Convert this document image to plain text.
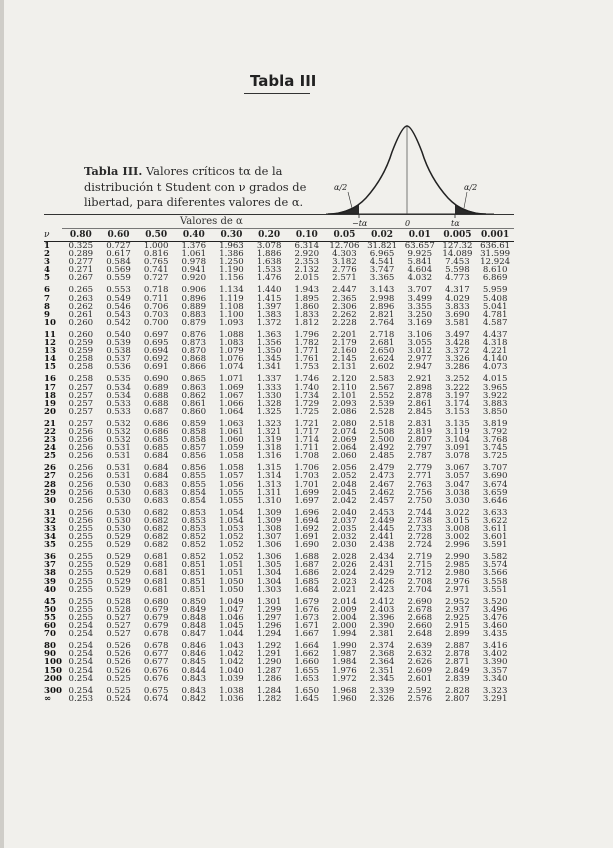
Tabla III

Tabla III. Valores críticos tα de la distribución t Student con ν grados de libertad, para diferentes valores de α.

α/2	α/2
−tα	0	tα
Valores de α
ν	0.80	0.60	0.50	0.40	0.30	0.20	0.10	0.05	0.02	0.01	0.005	0.001
1	0.325	0.727	1.000	1.376	1.963	3.078	6.314	12.706	31.821	63.657	127.32	636.61
2	0.289	0.617	0.816	1.061	1.386	1.886	2.920	4.303	6.965	9.925	14.089	31.599
3	0.277	0.584	0.765	0.978	1.250	1.638	2.353	3.182	4.541	5.841	7.453	12.924
4	0.271	0.569	0.741	0.941	1.190	1.533	2.132	2.776	3.747	4.604	5.598	8.610
5	0.267	0.559	0.727	0.920	1.156	1.476	2.015	2.571	3.365	4.032	4.773	6.869
6	0.265	0.553	0.718	0.906	1.134	1.440	1.943	2.447	3.143	3.707	4.317	5.959
7	0.263	0.549	0.711	0.896	1.119	1.415	1.895	2.365	2.998	3.499	4.029	5.408
8	0.262	0.546	0.706	0.889	1.108	1.397	1.860	2.306	2.896	3.355	3.833	5.041
9	0.261	0.543	0.703	0.883	1.100	1.383	1.833	2.262	2.821	3.250	3.690	4.781
10	0.260	0.542	0.700	0.879	1.093	1.372	1.812	2.228	2.764	3.169	3.581	4.587
11	0.260	0.540	0.697	0.876	1.088	1.363	1.796	2.201	2.718	3.106	3.497	4.437
12	0.259	0.539	0.695	0.873	1.083	1.356	1.782	2.179	2.681	3.055	3.428	4.318
13	0.259	0.538	0.694	0.870	1.079	1.350	1.771	2.160	2.650	3.012	3.372	4.221
14	0.258	0.537	0.692	0.868	1.076	1.345	1.761	2.145	2.624	2.977	3.326	4.140
15	0.258	0.536	0.691	0.866	1.074	1.341	1.753	2.131	2.602	2.947	3.286	4.073
16	0.258	0.535	0.690	0.865	1.071	1.337	1.746	2.120	2.583	2.921	3.252	4.015
17	0.257	0.534	0.689	0.863	1.069	1.333	1.740	2.110	2.567	2.898	3.222	3.965
18	0.257	0.534	0.688	0.862	1.067	1.330	1.734	2.101	2.552	2.878	3.197	3.922
19	0.257	0.533	0.688	0.861	1.066	1.328	1.729	2.093	2.539	2.861	3.174	3.883
20	0.257	0.533	0.687	0.860	1.064	1.325	1.725	2.086	2.528	2.845	3.153	3.850
21	0.257	0.532	0.686	0.859	1.063	1.323	1.721	2.080	2.518	2.831	3.135	3.819
22	0.256	0.532	0.686	0.858	1.061	1.321	1.717	2.074	2.508	2.819	3.119	3.792
23	0.256	0.532	0.685	0.858	1.060	1.319	1.714	2.069	2.500	2.807	3.104	3.768
24	0.256	0.531	0.685	0.857	1.059	1.318	1.711	2.064	2.492	2.797	3.091	3.745
25	0.256	0.531	0.684	0.856	1.058	1.316	1.708	2.060	2.485	2.787	3.078	3.725
26	0.256	0.531	0.684	0.856	1.058	1.315	1.706	2.056	2.479	2.779	3.067	3.707
27	0.256	0.531	0.684	0.855	1.057	1.314	1.703	2.052	2.473	2.771	3.057	3.690
28	0.256	0.530	0.683	0.855	1.056	1.313	1.701	2.048	2.467	2.763	3.047	3.674
29	0.256	0.530	0.683	0.854	1.055	1.311	1.699	2.045	2.462	2.756	3.038	3.659
30	0.256	0.530	0.683	0.854	1.055	1.310	1.697	2.042	2.457	2.750	3.030	3.646
31	0.256	0.530	0.682	0.853	1.054	1.309	1.696	2.040	2.453	2.744	3.022	3.633
32	0.256	0.530	0.682	0.853	1.054	1.309	1.694	2.037	2.449	2.738	3.015	3.622
33	0.255	0.530	0.682	0.853	1.053	1.308	1.692	2.035	2.445	2.733	3.008	3.611
34	0.255	0.529	0.682	0.852	1.052	1.307	1.691	2.032	2.441	2.728	3.002	3.601
35	0.255	0.529	0.682	0.852	1.052	1.306	1.690	2.030	2.438	2.724	2.996	3.591
36	0.255	0.529	0.681	0.852	1.052	1.306	1.688	2.028	2.434	2.719	2.990	3.582
37	0.255	0.529	0.681	0.851	1.051	1.305	1.687	2.026	2.431	2.715	2.985	3.574
38	0.255	0.529	0.681	0.851	1.051	1.304	1.686	2.024	2.429	2.712	2.980	3.566
39	0.255	0.529	0.681	0.851	1.050	1.304	1.685	2.023	2.426	2.708	2.976	3.558
40	0.255	0.529	0.681	0.851	1.050	1.303	1.684	2.021	2.423	2.704	2.971	3.551
45	0.255	0.528	0.680	0.850	1.049	1.301	1.679	2.014	2.412	2.690	2.952	3.520
50	0.255	0.528	0.679	0.849	1.047	1.299	1.676	2.009	2.403	2.678	2.937	3.496
55	0.255	0.527	0.679	0.848	1.046	1.297	1.673	2.004	2.396	2.668	2.925	3.476
60	0.254	0.527	0.679	0.848	1.045	1.296	1.671	2.000	2.390	2.660	2.915	3.460
70	0.254	0.527	0.678	0.847	1.044	1.294	1.667	1.994	2.381	2.648	2.899	3.435
80	0.254	0.526	0.678	0.846	1.043	1.292	1.664	1.990	2.374	2.639	2.887	3.416
90	0.254	0.526	0.677	0.846	1.042	1.291	1.662	1.987	2.368	2.632	2.878	3.402
100	0.254	0.526	0.677	0.845	1.042	1.290	1.660	1.984	2.364	2.626	2.871	3.390
150	0.254	0.526	0.676	0.844	1.040	1.287	1.655	1.976	2.351	2.609	2.849	3.357
200	0.254	0.525	0.676	0.843	1.039	1.286	1.653	1.972	2.345	2.601	2.839	3.340
300	0.254	0.525	0.675	0.843	1.038	1.284	1.650	1.968	2.339	2.592	2.828	3.323
∞	0.253	0.524	0.674	0.842	1.036	1.282	1.645	1.960	2.326	2.576	2.807	3.291
